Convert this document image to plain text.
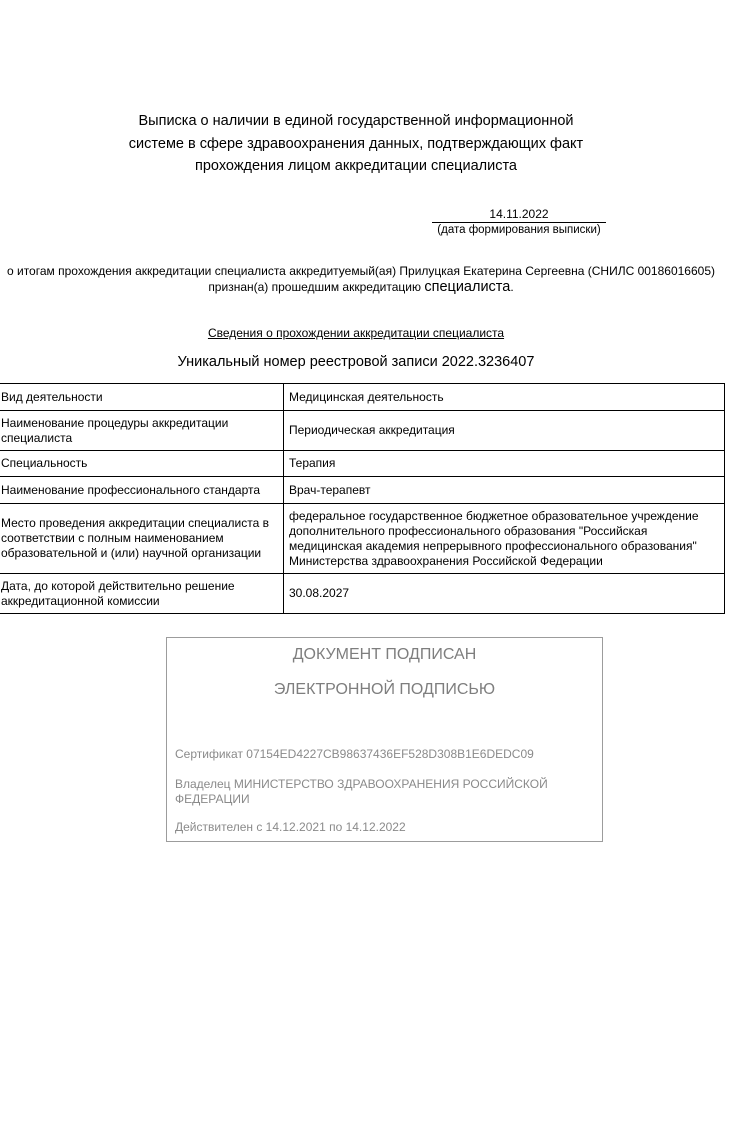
Выписка о наличии в единой государственной информационной
системе в сфере здравоохранения данных, подтверждающих факт
прохождения лицом аккредитации специалиста
14.11.2022
(дата формирования выписки)
о итогам прохождения аккредитации специалиста аккредитуемый(ая) Прилуцкая Екатерина Сергеевна (СНИЛС 00186016605)
признан(а) прошедшим аккредитацию специалиста.
Сведения о прохождении аккредитации специалиста
Уникальный номер реестровой записи 2022.3236407
Вид деятельности	Медицинская деятельность
Наименование процедуры аккредитации специалиста	Периодическая аккредитация
Специальность	Терапия
Наименование профессионального стандарта	Врач-терапевт
Место проведения аккредитации специалиста в соответствии с полным наименованием образовательной и (или) научной организации	федеральное государственное бюджетное образовательное учреждение дополнительного профессионального образования "Российская медицинская академия непрерывного профессионального образования" Министерства здравоохранения Российской Федерации
Дата, до которой действительно решение аккредитационной комиссии	30.08.2027
ДОКУМЕНТ ПОДПИСАН
ЭЛЕКТРОННОЙ ПОДПИСЬЮ
Сертификат 07154ED4227CB98637436EF528D308B1E6DEDC09
Владелец МИНИСТЕРСТВО ЗДРАВООХРАНЕНИЯ РОССИЙСКОЙ ФЕДЕРАЦИИ
Действителен с 14.12.2021 по 14.12.2022
